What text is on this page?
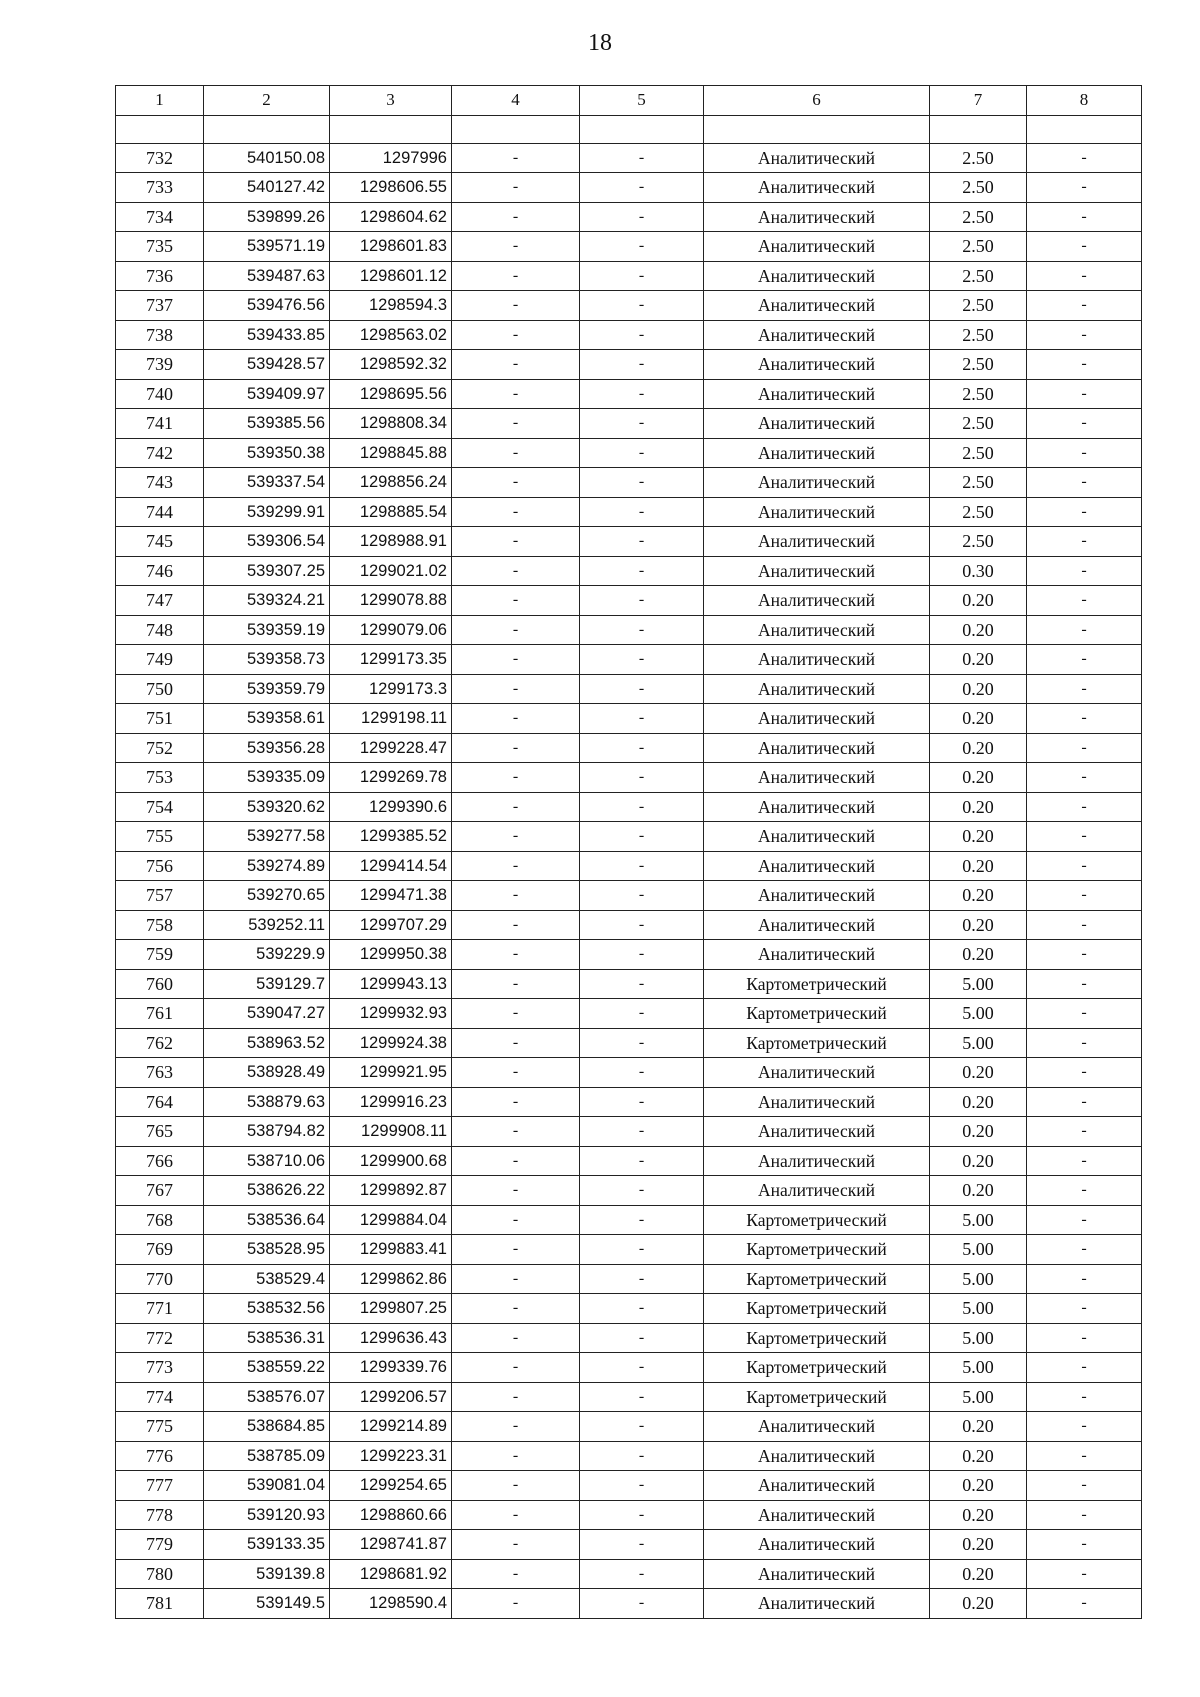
18
1	2	3	4	5	6	7	8

732	540150.08	1297996	-	-	Аналитический	2.50	-
733	540127.42	1298606.55	-	-	Аналитический	2.50	-
734	539899.26	1298604.62	-	-	Аналитический	2.50	-
735	539571.19	1298601.83	-	-	Аналитический	2.50	-
736	539487.63	1298601.12	-	-	Аналитический	2.50	-
737	539476.56	1298594.3	-	-	Аналитический	2.50	-
738	539433.85	1298563.02	-	-	Аналитический	2.50	-
739	539428.57	1298592.32	-	-	Аналитический	2.50	-
740	539409.97	1298695.56	-	-	Аналитический	2.50	-
741	539385.56	1298808.34	-	-	Аналитический	2.50	-
742	539350.38	1298845.88	-	-	Аналитический	2.50	-
743	539337.54	1298856.24	-	-	Аналитический	2.50	-
744	539299.91	1298885.54	-	-	Аналитический	2.50	-
745	539306.54	1298988.91	-	-	Аналитический	2.50	-
746	539307.25	1299021.02	-	-	Аналитический	0.30	-
747	539324.21	1299078.88	-	-	Аналитический	0.20	-
748	539359.19	1299079.06	-	-	Аналитический	0.20	-
749	539358.73	1299173.35	-	-	Аналитический	0.20	-
750	539359.79	1299173.3	-	-	Аналитический	0.20	-
751	539358.61	1299198.11	-	-	Аналитический	0.20	-
752	539356.28	1299228.47	-	-	Аналитический	0.20	-
753	539335.09	1299269.78	-	-	Аналитический	0.20	-
754	539320.62	1299390.6	-	-	Аналитический	0.20	-
755	539277.58	1299385.52	-	-	Аналитический	0.20	-
756	539274.89	1299414.54	-	-	Аналитический	0.20	-
757	539270.65	1299471.38	-	-	Аналитический	0.20	-
758	539252.11	1299707.29	-	-	Аналитический	0.20	-
759	539229.9	1299950.38	-	-	Аналитический	0.20	-
760	539129.7	1299943.13	-	-	Картометрический	5.00	-
761	539047.27	1299932.93	-	-	Картометрический	5.00	-
762	538963.52	1299924.38	-	-	Картометрический	5.00	-
763	538928.49	1299921.95	-	-	Аналитический	0.20	-
764	538879.63	1299916.23	-	-	Аналитический	0.20	-
765	538794.82	1299908.11	-	-	Аналитический	0.20	-
766	538710.06	1299900.68	-	-	Аналитический	0.20	-
767	538626.22	1299892.87	-	-	Аналитический	0.20	-
768	538536.64	1299884.04	-	-	Картометрический	5.00	-
769	538528.95	1299883.41	-	-	Картометрический	5.00	-
770	538529.4	1299862.86	-	-	Картометрический	5.00	-
771	538532.56	1299807.25	-	-	Картометрический	5.00	-
772	538536.31	1299636.43	-	-	Картометрический	5.00	-
773	538559.22	1299339.76	-	-	Картометрический	5.00	-
774	538576.07	1299206.57	-	-	Картометрический	5.00	-
775	538684.85	1299214.89	-	-	Аналитический	0.20	-
776	538785.09	1299223.31	-	-	Аналитический	0.20	-
777	539081.04	1299254.65	-	-	Аналитический	0.20	-
778	539120.93	1298860.66	-	-	Аналитический	0.20	-
779	539133.35	1298741.87	-	-	Аналитический	0.20	-
780	539139.8	1298681.92	-	-	Аналитический	0.20	-
781	539149.5	1298590.4	-	-	Аналитический	0.20	-
